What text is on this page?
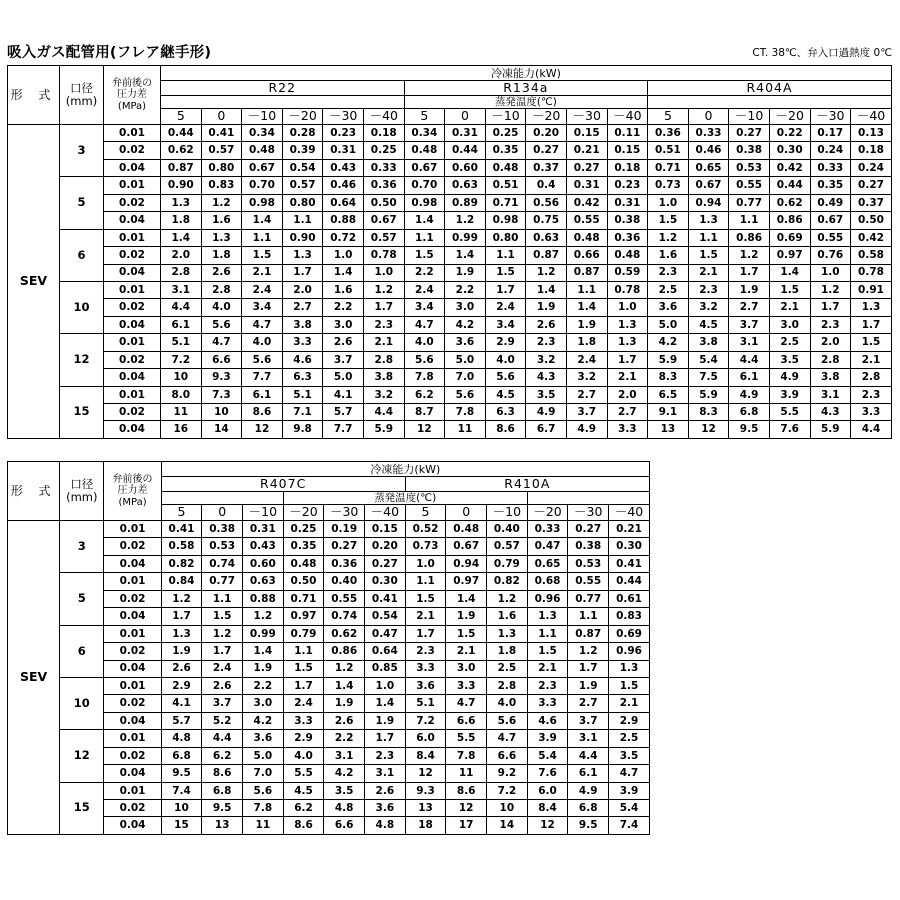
吸入ガス配管用(フレア継手形)	CT. 38℃、弁入口過熱度 0℃
形 式	口径
(mm)	弁前後の
圧力差
(MPa)	冷凍能力(kW)																	
			R22						R134a						R404A					
									蒸発温度(℃)											
			5	0	－10	－20	－30	－40	5	0	－10	－20	－30	－40	5	0	－10	－20	－30	－40
SEV	3	0.01	0.44	0.41	0.34	0.28	0.23	0.18	0.34	0.31	0.25	0.20	0.15	0.11	0.36	0.33	0.27	0.22	0.17	0.13
		0.02	0.62	0.57	0.48	0.39	0.31	0.25	0.48	0.44	0.35	0.27	0.21	0.15	0.51	0.46	0.38	0.30	0.24	0.18
		0.04	0.87	0.80	0.67	0.54	0.43	0.33	0.67	0.60	0.48	0.37	0.27	0.18	0.71	0.65	0.53	0.42	0.33	0.24
	5	0.01	0.90	0.83	0.70	0.57	0.46	0.36	0.70	0.63	0.51	0.4	0.31	0.23	0.73	0.67	0.55	0.44	0.35	0.27
		0.02	1.3	1.2	0.98	0.80	0.64	0.50	0.98	0.89	0.71	0.56	0.42	0.31	1.0	0.94	0.77	0.62	0.49	0.37
		0.04	1.8	1.6	1.4	1.1	0.88	0.67	1.4	1.2	0.98	0.75	0.55	0.38	1.5	1.3	1.1	0.86	0.67	0.50
	6	0.01	1.4	1.3	1.1	0.90	0.72	0.57	1.1	0.99	0.80	0.63	0.48	0.36	1.2	1.1	0.86	0.69	0.55	0.42
		0.02	2.0	1.8	1.5	1.3	1.0	0.78	1.5	1.4	1.1	0.87	0.66	0.48	1.6	1.5	1.2	0.97	0.76	0.58
		0.04	2.8	2.6	2.1	1.7	1.4	1.0	2.2	1.9	1.5	1.2	0.87	0.59	2.3	2.1	1.7	1.4	1.0	0.78
	10	0.01	3.1	2.8	2.4	2.0	1.6	1.2	2.4	2.2	1.7	1.4	1.1	0.78	2.5	2.3	1.9	1.5	1.2	0.91
		0.02	4.4	4.0	3.4	2.7	2.2	1.7	3.4	3.0	2.4	1.9	1.4	1.0	3.6	3.2	2.7	2.1	1.7	1.3
		0.04	6.1	5.6	4.7	3.8	3.0	2.3	4.7	4.2	3.4	2.6	1.9	1.3	5.0	4.5	3.7	3.0	2.3	1.7
	12	0.01	5.1	4.7	4.0	3.3	2.6	2.1	4.0	3.6	2.9	2.3	1.8	1.3	4.2	3.8	3.1	2.5	2.0	1.5
		0.02	7.2	6.6	5.6	4.6	3.7	2.8	5.6	5.0	4.0	3.2	2.4	1.7	5.9	5.4	4.4	3.5	2.8	2.1
		0.04	10	9.3	7.7	6.3	5.0	3.8	7.8	7.0	5.6	4.3	3.2	2.1	8.3	7.5	6.1	4.9	3.8	2.8
	15	0.01	8.0	7.3	6.1	5.1	4.1	3.2	6.2	5.6	4.5	3.5	2.7	2.0	6.5	5.9	4.9	3.9	3.1	2.3
		0.02	11	10	8.6	7.1	5.7	4.4	8.7	7.8	6.3	4.9	3.7	2.7	9.1	8.3	6.8	5.5	4.3	3.3
		0.04	16	14	12	9.8	7.7	5.9	12	11	8.6	6.7	4.9	3.3	13	12	9.5	7.6	5.9	4.4
形 式	口径
(mm)	弁前後の
圧力差
(MPa)	冷凍能力(kW)											
			R407C						R410A					
						蒸発温度(℃)								
			5	0	－10	－20	－30	－40	5	0	－10	－20	－30	－40
SEV	3	0.01	0.41	0.38	0.31	0.25	0.19	0.15	0.52	0.48	0.40	0.33	0.27	0.21
		0.02	0.58	0.53	0.43	0.35	0.27	0.20	0.73	0.67	0.57	0.47	0.38	0.30
		0.04	0.82	0.74	0.60	0.48	0.36	0.27	1.0	0.94	0.79	0.65	0.53	0.41
	5	0.01	0.84	0.77	0.63	0.50	0.40	0.30	1.1	0.97	0.82	0.68	0.55	0.44
		0.02	1.2	1.1	0.88	0.71	0.55	0.41	1.5	1.4	1.2	0.96	0.77	0.61
		0.04	1.7	1.5	1.2	0.97	0.74	0.54	2.1	1.9	1.6	1.3	1.1	0.83
	6	0.01	1.3	1.2	0.99	0.79	0.62	0.47	1.7	1.5	1.3	1.1	0.87	0.69
		0.02	1.9	1.7	1.4	1.1	0.86	0.64	2.3	2.1	1.8	1.5	1.2	0.96
		0.04	2.6	2.4	1.9	1.5	1.2	0.85	3.3	3.0	2.5	2.1	1.7	1.3
	10	0.01	2.9	2.6	2.2	1.7	1.4	1.0	3.6	3.3	2.8	2.3	1.9	1.5
		0.02	4.1	3.7	3.0	2.4	1.9	1.4	5.1	4.7	4.0	3.3	2.7	2.1
		0.04	5.7	5.2	4.2	3.3	2.6	1.9	7.2	6.6	5.6	4.6	3.7	2.9
	12	0.01	4.8	4.4	3.6	2.9	2.2	1.7	6.0	5.5	4.7	3.9	3.1	2.5
		0.02	6.8	6.2	5.0	4.0	3.1	2.3	8.4	7.8	6.6	5.4	4.4	3.5
		0.04	9.5	8.6	7.0	5.5	4.2	3.1	12	11	9.2	7.6	6.1	4.7
	15	0.01	7.4	6.8	5.6	4.5	3.5	2.6	9.3	8.6	7.2	6.0	4.9	3.9
		0.02	10	9.5	7.8	6.2	4.8	3.6	13	12	10	8.4	6.8	5.4
		0.04	15	13	11	8.6	6.6	4.8	18	17	14	12	9.5	7.4
